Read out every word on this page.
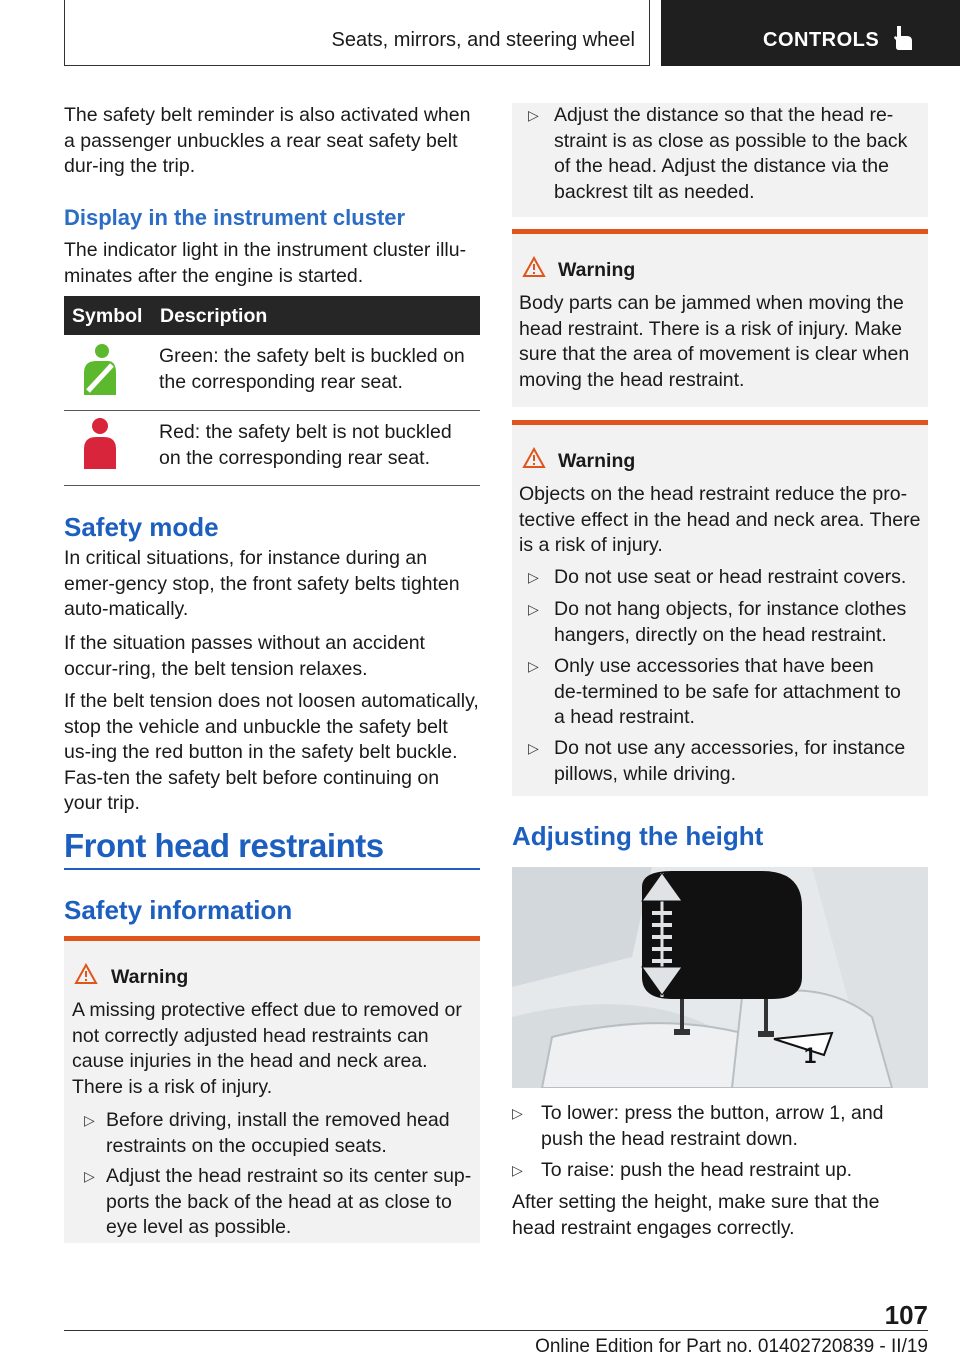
Seats, mirrors, and steering wheel	CONTROLS
The safety belt reminder is also activated when a passenger unbuckles a rear seat safety belt dur-ing the trip.
Display in the instrument cluster
The indicator light in the instrument cluster illu-minates after the engine is started.
Symbol Description
Green: the safety belt is buckled on the corresponding rear seat.
Red: the safety belt is not buckled on the corresponding rear seat.
Safety mode
In critical situations, for instance during an emer-gency stop, the front safety belts tighten auto-matically.
If the situation passes without an accident occur-ring, the belt tension relaxes.
If the belt tension does not loosen automatically, stop the vehicle and unbuckle the safety belt us-ing the red button in the safety belt buckle. Fas-ten the safety belt before continuing on your trip.
Front head restraints
Safety information
Warning
A missing protective effect due to removed or not correctly adjusted head restraints can cause injuries in the head and neck area. There is a risk of injury.
▷ Before driving, install the removed head restraints on the occupied seats.
▷ Adjust the head restraint so its center sup-ports the back of the head at as close to eye level as possible.
▷ Adjust the distance so that the head re-straint is as close as possible to the back of the head. Adjust the distance via the backrest tilt as needed.
Warning
Body parts can be jammed when moving the head restraint. There is a risk of injury. Make sure that the area of movement is clear when moving the head restraint.
Warning
Objects on the head restraint reduce the pro-tective effect in the head and neck area. There is a risk of injury.
▷ Do not use seat or head restraint covers.
▷ Do not hang objects, for instance clothes hangers, directly on the head restraint.
▷ Only use accessories that have been de-termined to be safe for attachment to a head restraint.
▷ Do not use any accessories, for instance pillows, while driving.
Adjusting the height
1
▷ To lower: press the button, arrow 1, and push the head restraint down.
▷ To raise: push the head restraint up.
After setting the height, make sure that the head restraint engages correctly.
107
Online Edition for Part no. 01402720839 - II/19
